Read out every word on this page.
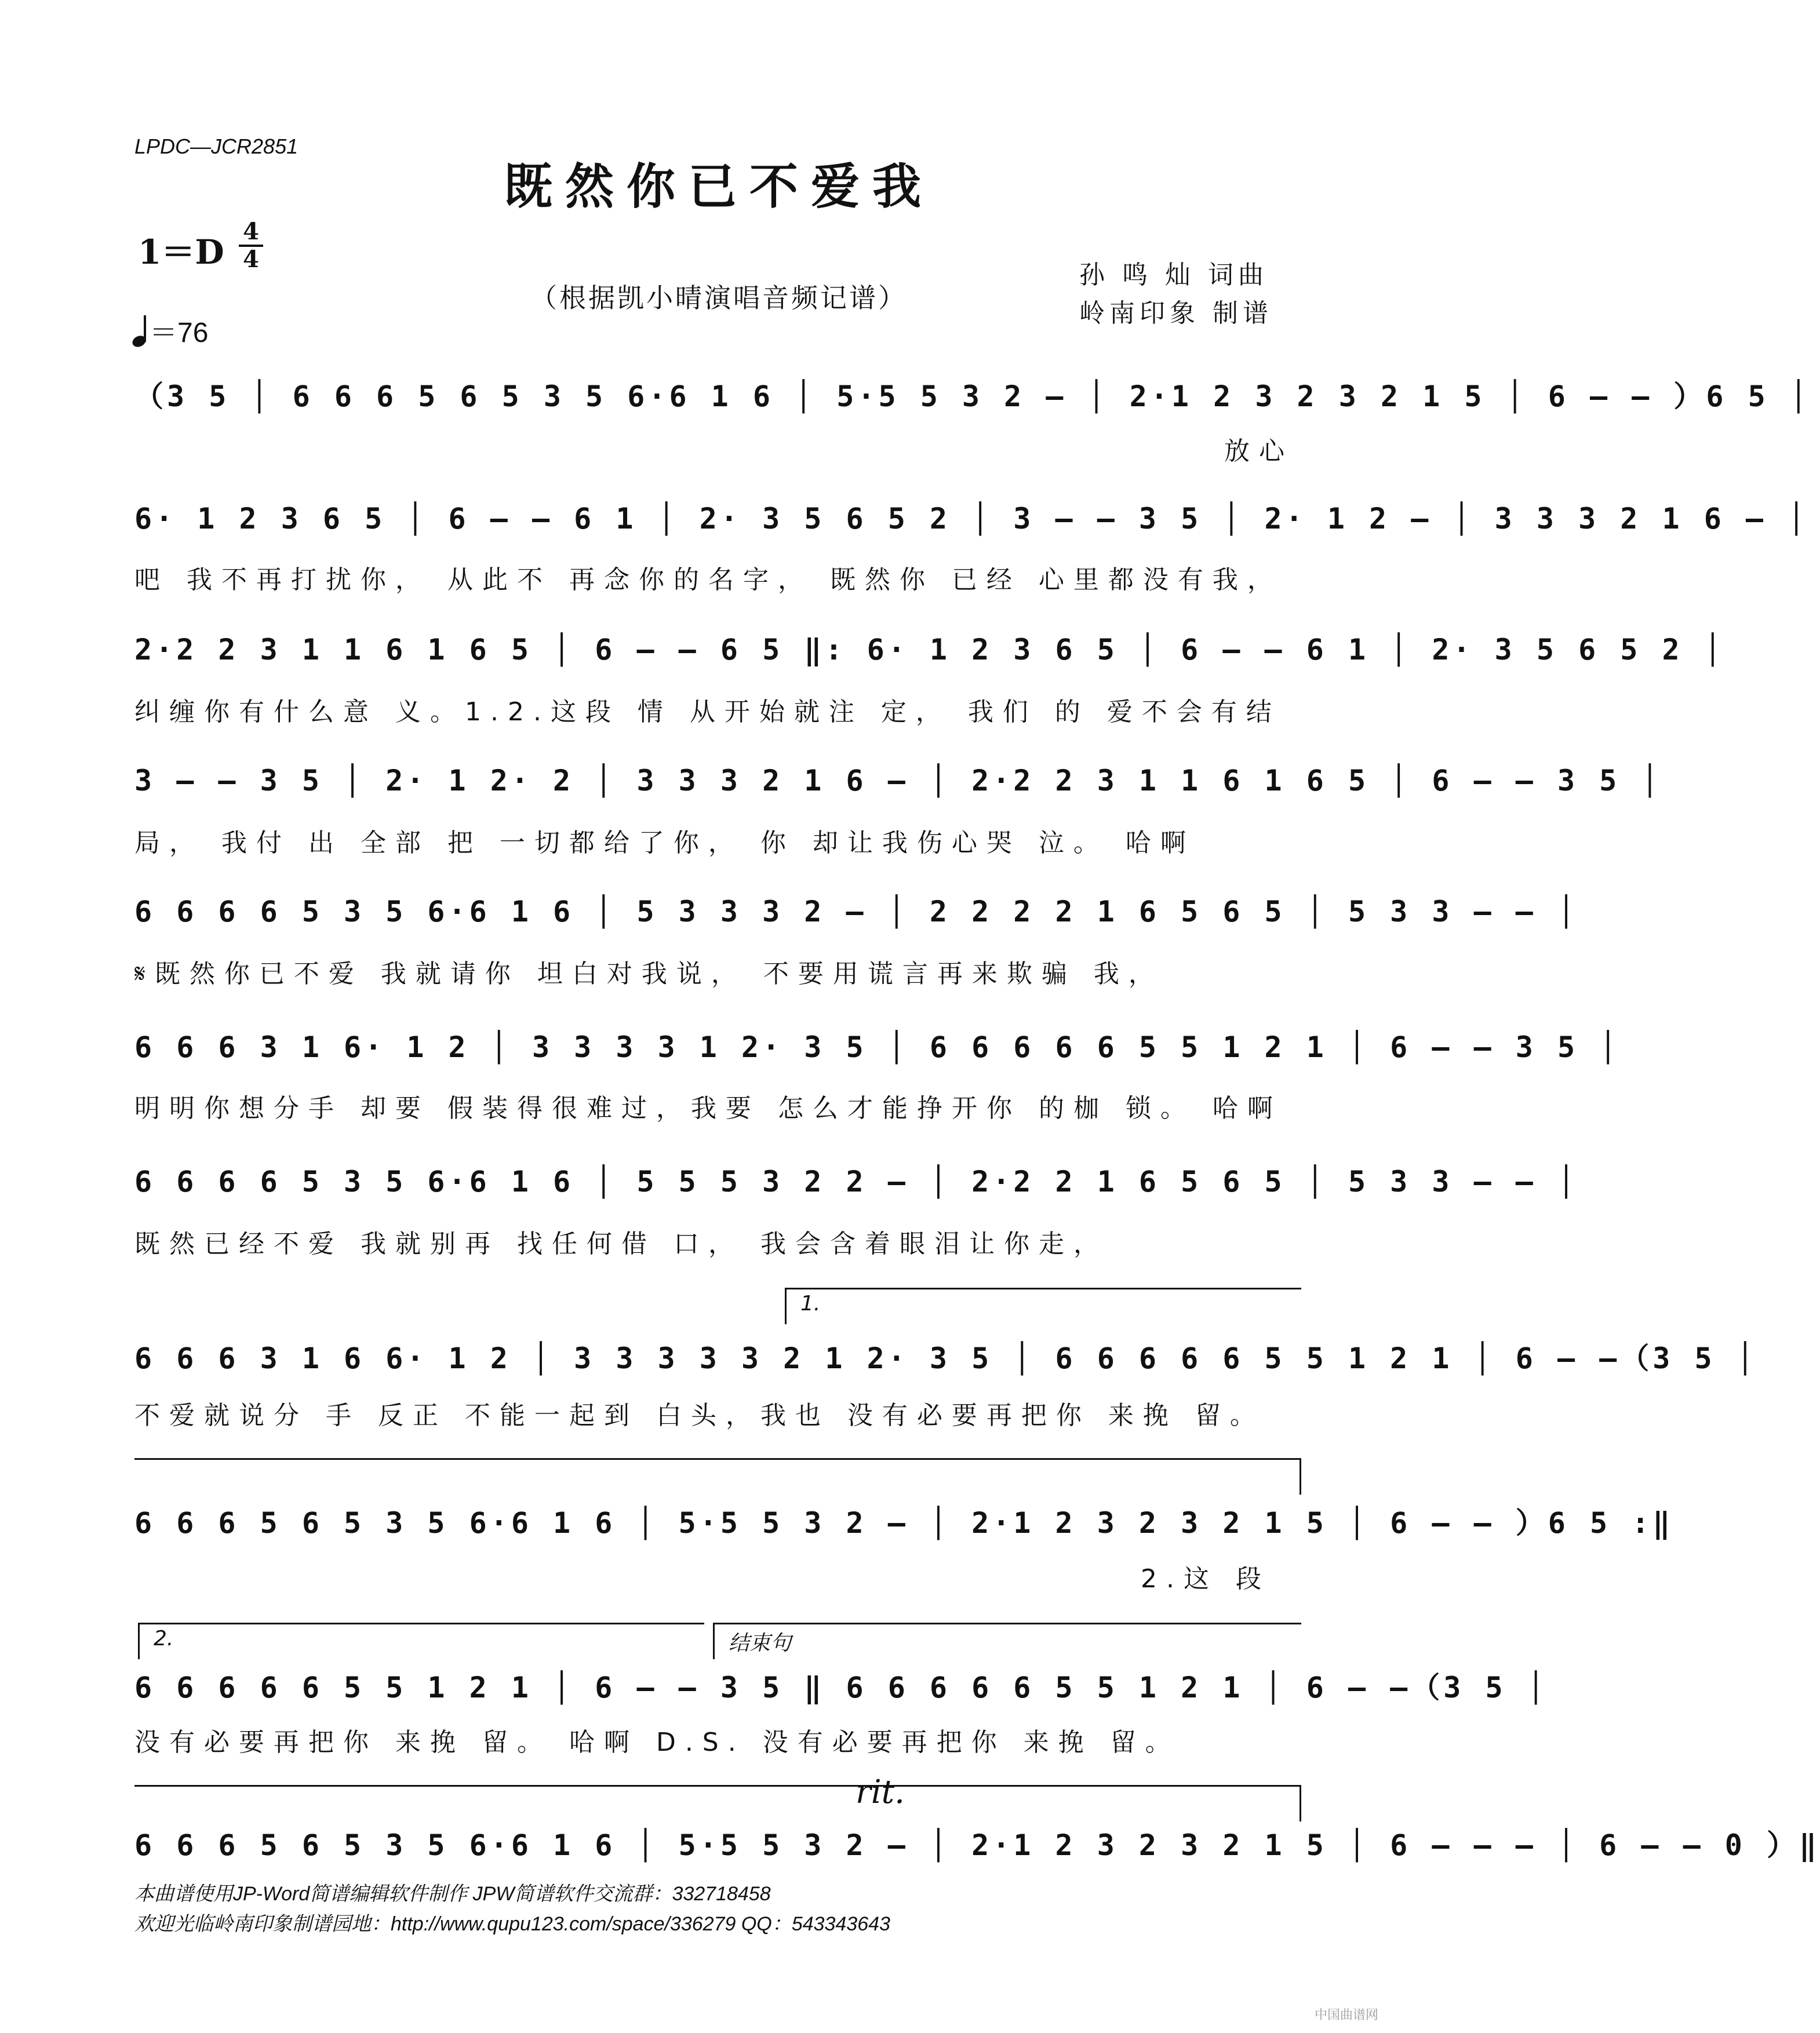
LPDC—JCR2851
既然你已不爱我
1＝D
4
4
＝76
（根据凯小晴演唱音频记谱）
孙 鸣 灿 词曲
岭南印象 制谱
（3 5 │ 6 6 6 5 6 5 3 5 6·6 1 6 │ 5·5 5 3 2 – │ 2·1 2 3 2 3 2 1 5 │ 6 – – ）6 5 │
放心
6· 1 2 3 6 5 │ 6 – – 6 1 │ 2· 3 5 6 5 2 │ 3 – – 3 5 │ 2· 1 2 – │ 3 3 3 2 1 6 – │
吧 我不再打扰你， 从此不 再念你的名字， 既然你 已经 心里都没有我，
2·2 2 3 1 1 6 1 6 5 │ 6 – – 6 5 ‖: 6· 1 2 3 6 5 │ 6 – – 6 1 │ 2· 3 5 6 5 2 │
纠缠你有什么意 义。1.2.这段 情 从开始就注 定， 我们 的 爱不会有结
3 – – 3 5 │ 2· 1 2· 2 │ 3 3 3 2 1 6 – │ 2·2 2 3 1 1 6 1 6 5 │ 6 – – 3 5 │
局， 我付 出 全部 把 一切都给了你， 你 却让我伤心哭 泣。 哈啊
6 6 6 6 5 3 5 6·6 1 6 │ 5 3 3 3 2 – │ 2 2 2 2 1 6 5 6 5 │ 5 3 3 – – │
𝄋既然你已不爱 我就请你 坦白对我说， 不要用谎言再来欺骗 我，
6 6 6 3 1 6· 1 2 │ 3 3 3 3 1 2· 3 5 │ 6 6 6 6 6 5 5 1 2 1 │ 6 – – 3 5 │
明明你想分手 却要 假装得很难过，我要 怎么才能挣开你 的枷 锁。 哈啊
6 6 6 6 5 3 5 6·6 1 6 │ 5 5 5 3 2 2 – │ 2·2 2 1 6 5 6 5 │ 5 3 3 – – │
既然已经不爱 我就别再 找任何借 口， 我会含着眼泪让你走，
1.
6 6 6 3 1 6 6· 1 2 │ 3 3 3 3 3 2 1 2· 3 5 │ 6 6 6 6 6 5 5 1 2 1 │ 6 – –（3 5 │
不爱就说分 手 反正 不能一起到 白头，我也 没有必要再把你 来挽 留。
6 6 6 5 6 5 3 5 6·6 1 6 │ 5·5 5 3 2 – │ 2·1 2 3 2 3 2 1 5 │ 6 – – ）6 5 :‖
2.这 段
2.	结束句
6 6 6 6 6 5 5 1 2 1 │ 6 – – 3 5 ‖ 6 6 6 6 6 5 5 1 2 1 │ 6 – –（3 5 │
没有必要再把你 来挽 留。 哈啊 D.S. 没有必要再把你 来挽 留。
rit.
6 6 6 5 6 5 3 5 6·6 1 6 │ 5·5 5 3 2 – │ 2·1 2 3 2 3 2 1 5 │ 6 – – – │ 6 – – 0 ）‖
本曲谱使用JP-Word简谱编辑软件制作 JPW简谱软件交流群：332718458
欢迎光临岭南印象制谱园地：http://www.qupu123.com/space/336279 QQ：543343643
中国曲谱网
